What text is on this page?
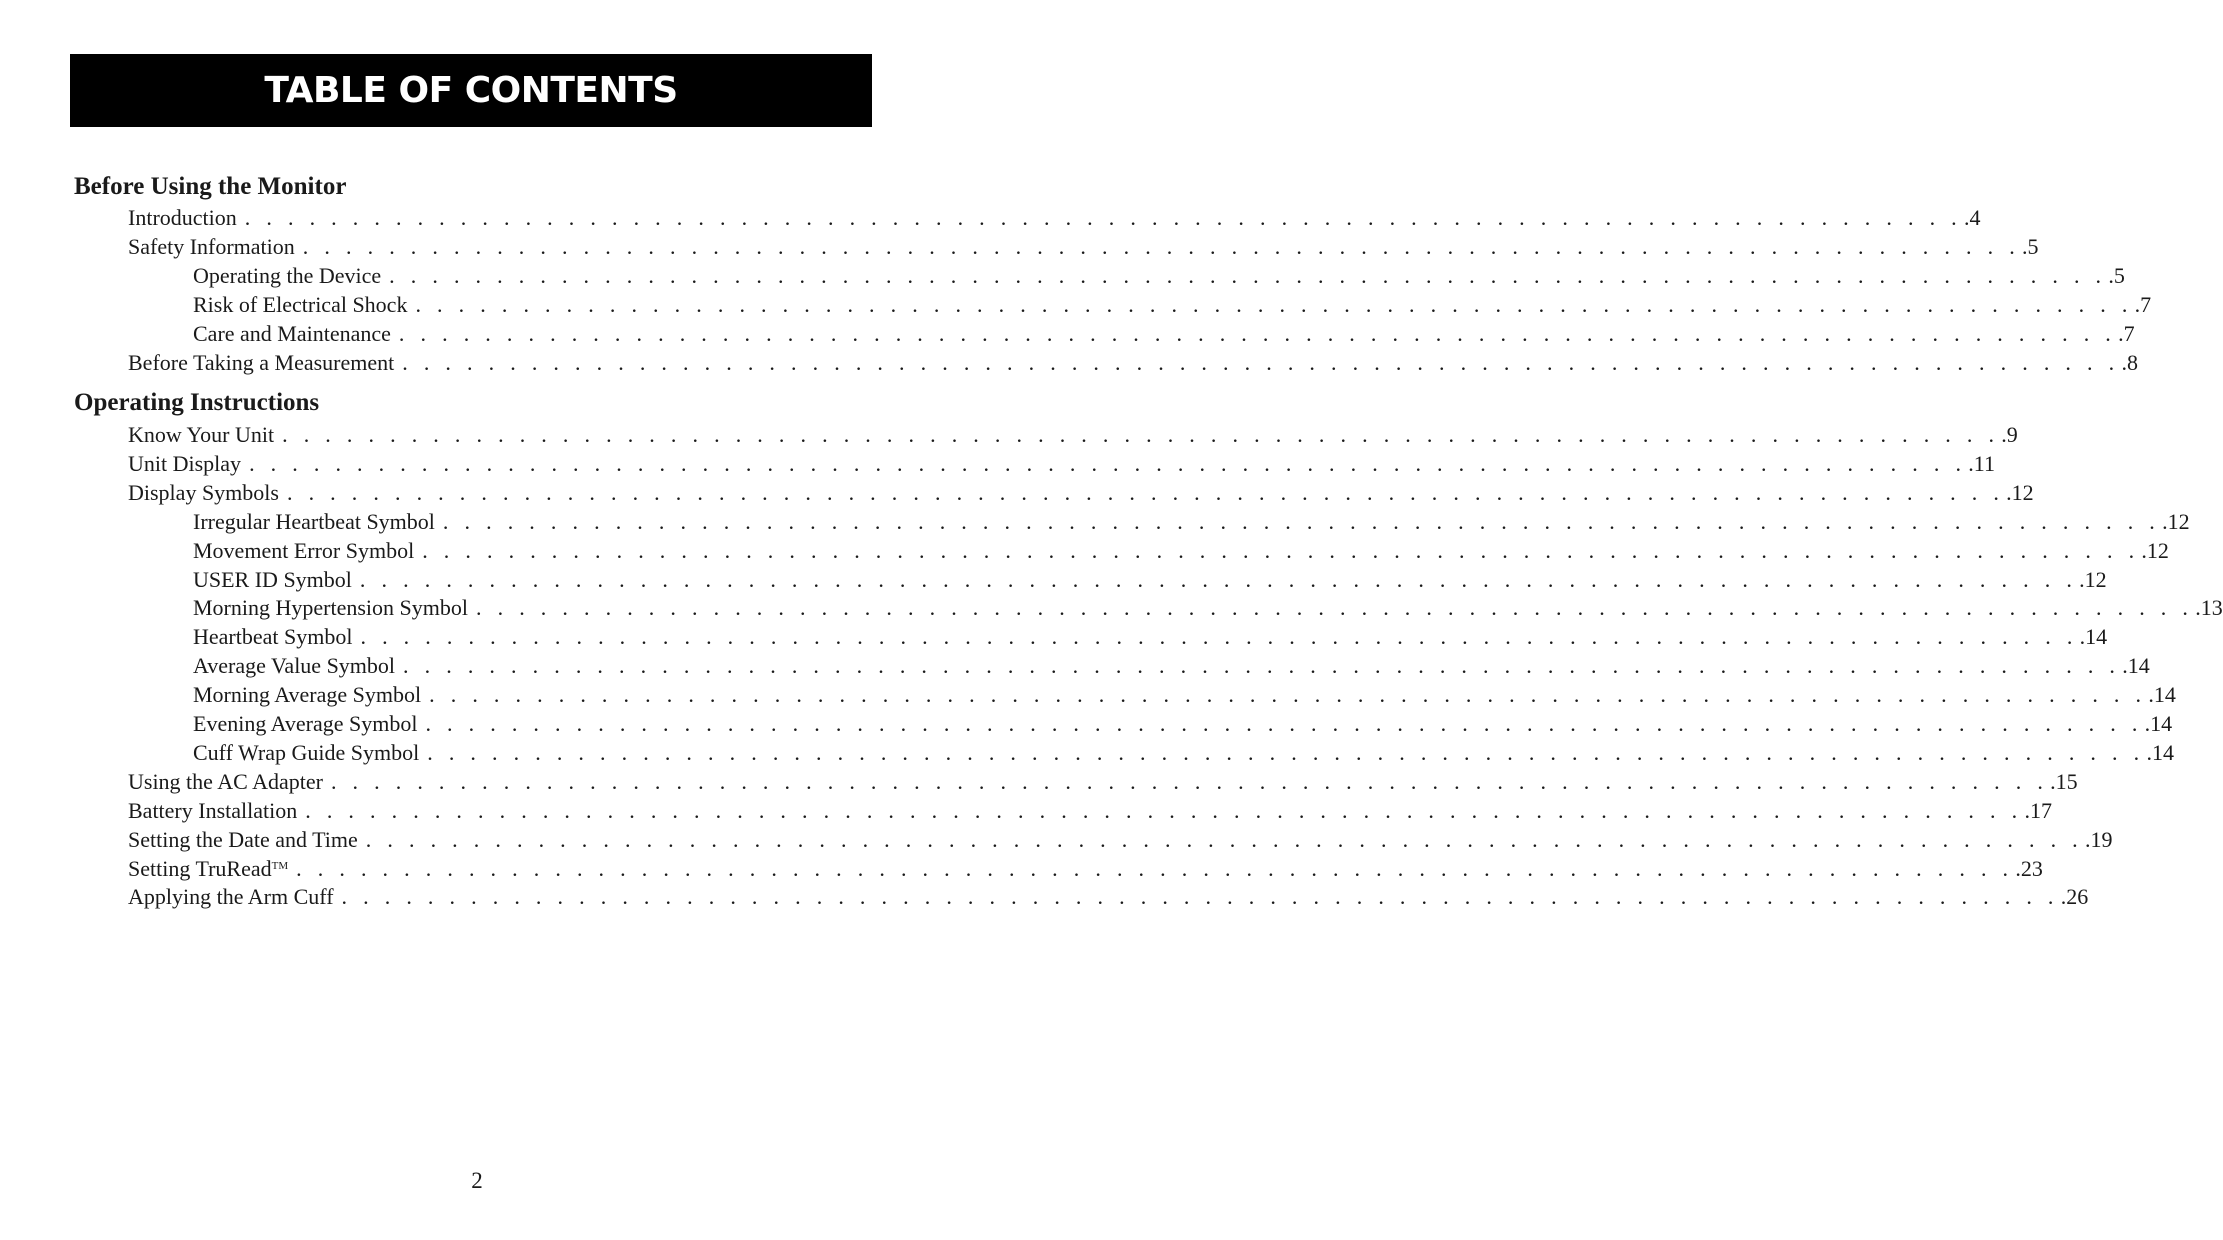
TABLE OF CONTENTS
Before Using the Monitor
Introduction . . . . . . . . . . . . . . . . . . . . . . . . . . . . . . . . . . . . . . . . . . . . . . . . . . . . . . . . . . . . . . . . . . . . . . . . . . . . . . . . .4
Safety Information . . . . . . . . . . . . . . . . . . . . . . . . . . . . . . . . . . . . . . . . . . . . . . . . . . . . . . . . . . . . . . . . . . . . . . . . . . . . . . . . .5
Operating the Device . . . . . . . . . . . . . . . . . . . . . . . . . . . . . . . . . . . . . . . . . . . . . . . . . . . . . . . . . . . . . . . . . . . . . . . . . . . . . . . . .5
Risk of Electrical Shock . . . . . . . . . . . . . . . . . . . . . . . . . . . . . . . . . . . . . . . . . . . . . . . . . . . . . . . . . . . . . . . . . . . . . . . . . . . . . . . . .7
Care and Maintenance . . . . . . . . . . . . . . . . . . . . . . . . . . . . . . . . . . . . . . . . . . . . . . . . . . . . . . . . . . . . . . . . . . . . . . . . . . . . . . . . .7
Before Taking a Measurement . . . . . . . . . . . . . . . . . . . . . . . . . . . . . . . . . . . . . . . . . . . . . . . . . . . . . . . . . . . . . . . . . . . . . . . . . . . . . . . . .8
Operating Instructions
Know Your Unit . . . . . . . . . . . . . . . . . . . . . . . . . . . . . . . . . . . . . . . . . . . . . . . . . . . . . . . . . . . . . . . . . . . . . . . . . . . . . . . . .9
Unit Display . . . . . . . . . . . . . . . . . . . . . . . . . . . . . . . . . . . . . . . . . . . . . . . . . . . . . . . . . . . . . . . . . . . . . . . . . . . . . . . . .11
Display Symbols . . . . . . . . . . . . . . . . . . . . . . . . . . . . . . . . . . . . . . . . . . . . . . . . . . . . . . . . . . . . . . . . . . . . . . . . . . . . . . . . .12
Irregular Heartbeat Symbol . . . . . . . . . . . . . . . . . . . . . . . . . . . . . . . . . . . . . . . . . . . . . . . . . . . . . . . . . . . . . . . . . . . . . . . . . . . . . . . . .12
Movement Error Symbol . . . . . . . . . . . . . . . . . . . . . . . . . . . . . . . . . . . . . . . . . . . . . . . . . . . . . . . . . . . . . . . . . . . . . . . . . . . . . . . . .12
USER ID Symbol . . . . . . . . . . . . . . . . . . . . . . . . . . . . . . . . . . . . . . . . . . . . . . . . . . . . . . . . . . . . . . . . . . . . . . . . . . . . . . . . .12
Morning Hypertension Symbol . . . . . . . . . . . . . . . . . . . . . . . . . . . . . . . . . . . . . . . . . . . . . . . . . . . . . . . . . . . . . . . . . . . . . . . . . . . . . . . . .13
Heartbeat Symbol . . . . . . . . . . . . . . . . . . . . . . . . . . . . . . . . . . . . . . . . . . . . . . . . . . . . . . . . . . . . . . . . . . . . . . . . . . . . . . . . .14
Average Value Symbol . . . . . . . . . . . . . . . . . . . . . . . . . . . . . . . . . . . . . . . . . . . . . . . . . . . . . . . . . . . . . . . . . . . . . . . . . . . . . . . . .14
Morning Average Symbol . . . . . . . . . . . . . . . . . . . . . . . . . . . . . . . . . . . . . . . . . . . . . . . . . . . . . . . . . . . . . . . . . . . . . . . . . . . . . . . . .14
Evening Average Symbol . . . . . . . . . . . . . . . . . . . . . . . . . . . . . . . . . . . . . . . . . . . . . . . . . . . . . . . . . . . . . . . . . . . . . . . . . . . . . . . . .14
Cuff Wrap Guide Symbol . . . . . . . . . . . . . . . . . . . . . . . . . . . . . . . . . . . . . . . . . . . . . . . . . . . . . . . . . . . . . . . . . . . . . . . . . . . . . . . . .14
Using the AC Adapter . . . . . . . . . . . . . . . . . . . . . . . . . . . . . . . . . . . . . . . . . . . . . . . . . . . . . . . . . . . . . . . . . . . . . . . . . . . . . . . . .15
Battery Installation . . . . . . . . . . . . . . . . . . . . . . . . . . . . . . . . . . . . . . . . . . . . . . . . . . . . . . . . . . . . . . . . . . . . . . . . . . . . . . . . .17
Setting the Date and Time . . . . . . . . . . . . . . . . . . . . . . . . . . . . . . . . . . . . . . . . . . . . . . . . . . . . . . . . . . . . . . . . . . . . . . . . . . . . . . . . .19
Setting TruRead™ . . . . . . . . . . . . . . . . . . . . . . . . . . . . . . . . . . . . . . . . . . . . . . . . . . . . . . . . . . . . . . . . . . . . . . . . . . . . . . . . .23
Applying the Arm Cuff . . . . . . . . . . . . . . . . . . . . . . . . . . . . . . . . . . . . . . . . . . . . . . . . . . . . . . . . . . . . . . . . . . . . . . . . . . . . . . . . .26
2
